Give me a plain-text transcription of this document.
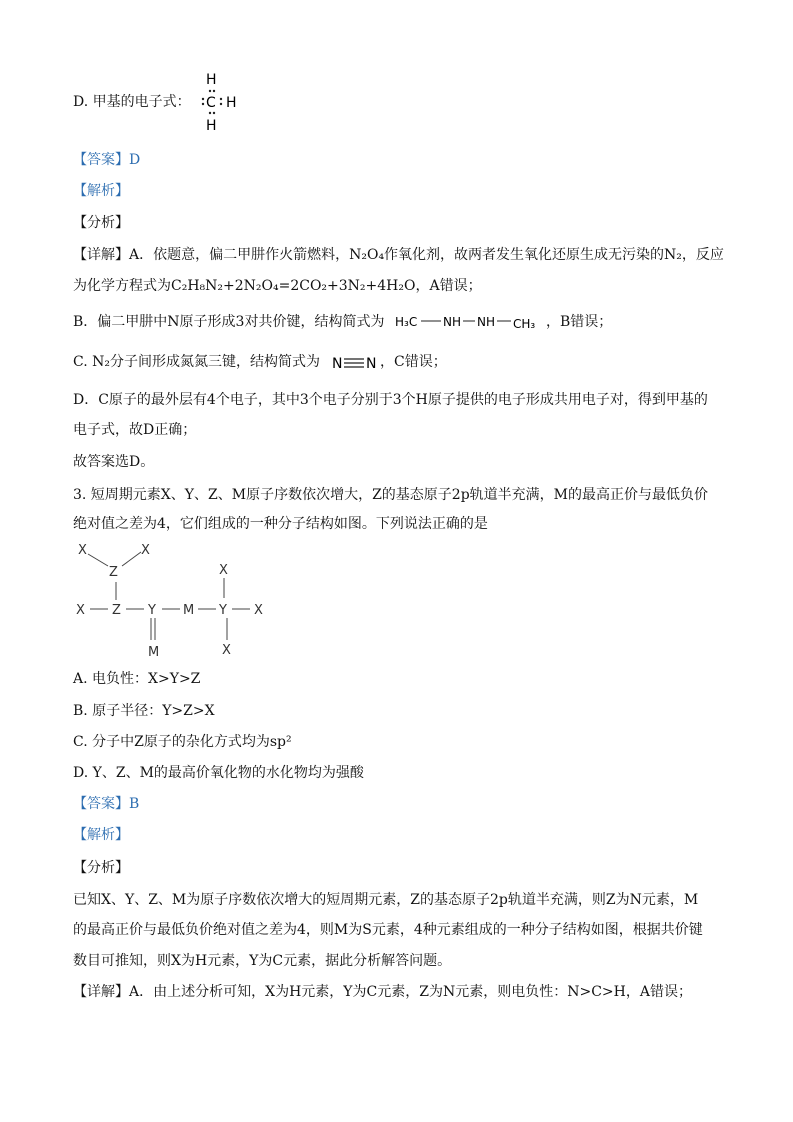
D. 甲基的电子式：
H
C H
H
【答案】D
【解析】
【分析】
【详解】A．依题意，偏二甲肼作火箭燃料，N₂O₄作氧化剂，故两者发生氧化还原生成无污染的N₂，反应
为化学方程式为C₂H₈N₂+2N₂O₄=2CO₂+3N₂+4H₂O，A错误；
B．偏二甲肼中N原子形成3对共价键，结构简式为 H₃C NH NH CH₃ ，B错误；
C. N₂分子间形成氮氮三键，结构简式为 N N ，C错误；
D．C原子的最外层有4个电子，其中3个电子分别于3个H原子提供的电子形成共用电子对，得到甲基的
电子式，故D正确；
故答案选D。
3. 短周期元素X、Y、Z、M原子序数依次增大，Z的基态原子2p轨道半充满，M的最高正价与最低负价
绝对值之差为4，它们组成的一种分子结构如图。下列说法正确的是
X	X
Z
X Z Y M Y X
X
X
M
A. 电负性：X>Y>Z
B. 原子半径：Y>Z>X
C. 分子中Z原子的杂化方式均为sp²
D. Y、Z、M的最高价氧化物的水化物均为强酸
【答案】B
【解析】
【分析】
已知X、Y、Z、M为原子序数依次增大的短周期元素，Z的基态原子2p轨道半充满，则Z为N元素，M
的最高正价与最低负价绝对值之差为4，则M为S元素，4种元素组成的一种分子结构如图，根据共价键
数目可推知，则X为H元素，Y为C元素，据此分析解答问题。
【详解】A．由上述分析可知，X为H元素，Y为C元素，Z为N元素，则电负性：N>C>H，A错误；
